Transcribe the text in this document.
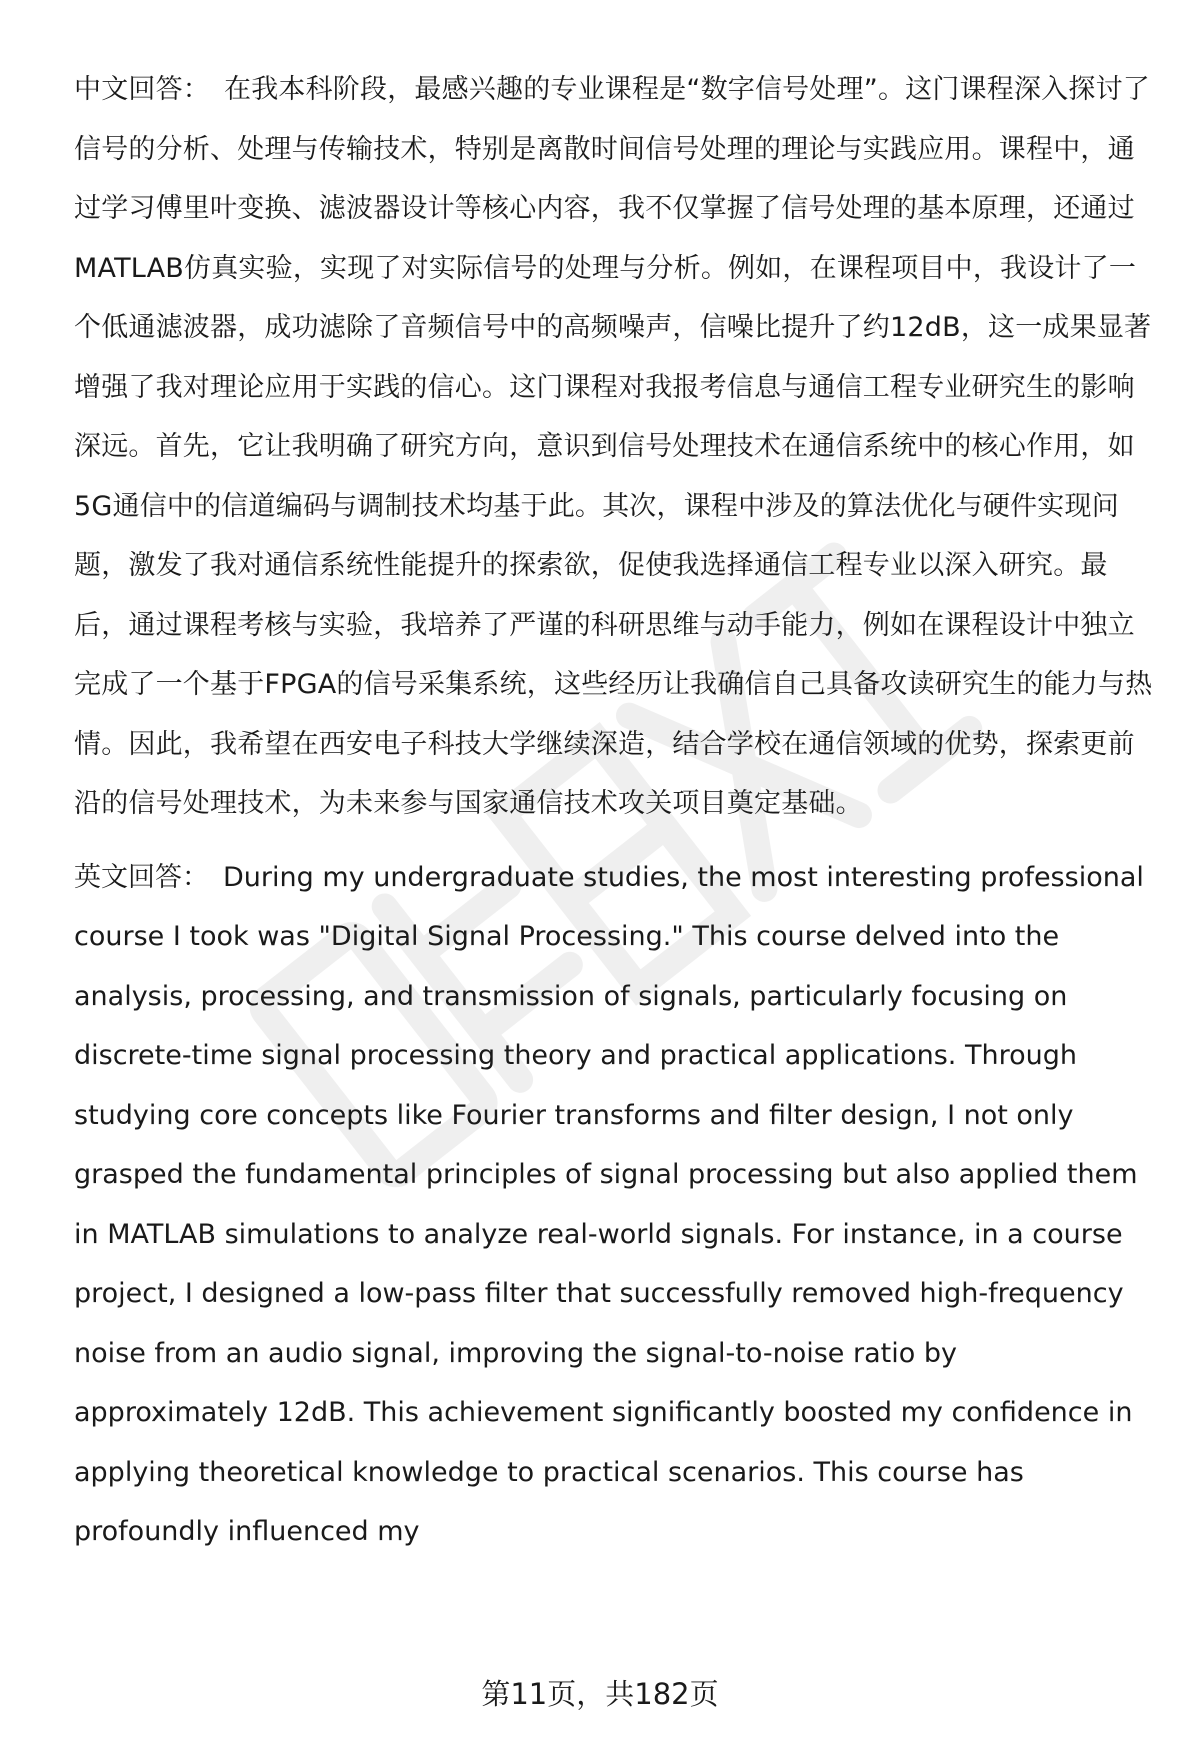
中文回答： 在我本科阶段，最感兴趣的专业课程是“数字信号处理”。这门课程深入探讨了信号的分析、处理与传输技术，特别是离散时间信号处理的理论与实践应用。课程中，通过学习傅里叶变换、滤波器设计等核心内容，我不仅掌握了信号处理的基本原理，还通过MATLAB仿真实验，实现了对实际信号的处理与分析。例如，在课程项目中，我设计了一个低通滤波器，成功滤除了音频信号中的高频噪声，信噪比提升了约12dB，这一成果显著增强了我对理论应用于实践的信心。这门课程对我报考信息与通信工程专业研究生的影响深远。首先，它让我明确了研究方向，意识到信号处理技术在通信系统中的核心作用，如5G通信中的信道编码与调制技术均基于此。其次，课程中涉及的算法优化与硬件实现问题，激发了我对通信系统性能提升的探索欲，促使我选择通信工程专业以深入研究。最后，通过课程考核与实验，我培养了严谨的科研思维与动手能力，例如在课程设计中独立完成了一个基于FPGA的信号采集系统，这些经历让我确信自己具备攻读研究生的能力与热情。因此，我希望在西安电子科技大学继续深造，结合学校在通信领域的优势，探索更前沿的信号处理技术，为未来参与国家通信技术攻关项目奠定基础。

英文回答： During my undergraduate studies, the most interesting professional course I took was "Digital Signal Processing." This course delved into the analysis, processing, and transmission of signals, particularly focusing on discrete-time signal processing theory and practical applications. Through studying core concepts like Fourier transforms and filter design, I not only grasped the fundamental principles of signal processing but also applied them in MATLAB simulations to analyze real-world signals. For instance, in a course project, I designed a low-pass filter that successfully removed high-frequency noise from an audio signal, improving the signal-to-noise ratio by approximately 12dB. This achievement significantly boosted my confidence in applying theoretical knowledge to practical scenarios. This course has profoundly influenced my

第11页，共182页
